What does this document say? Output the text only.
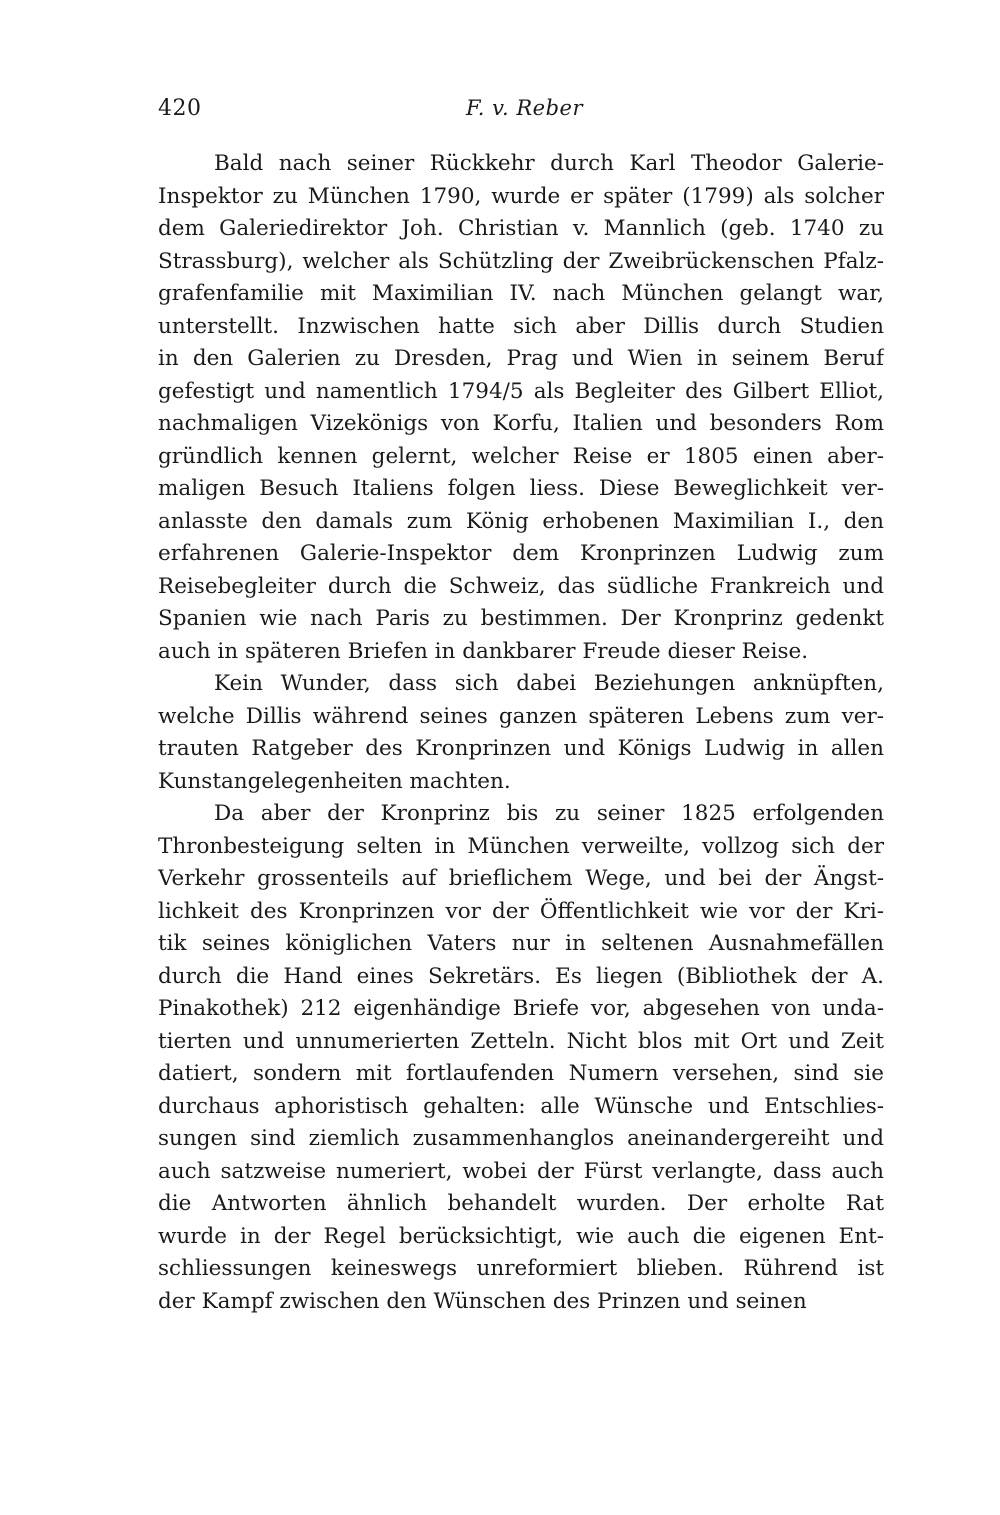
420	F. v. Reber
Bald nach seiner Rückkehr durch Karl Theodor Galerie-
Inspektor zu München 1790, wurde er später (1799) als solcher
dem Galeriedirektor Joh. Christian v. Mannlich (geb. 1740 zu
Strassburg), welcher als Schützling der Zweibrückenschen Pfalz-
grafenfamilie mit Maximilian IV. nach München gelangt war,
unterstellt. Inzwischen hatte sich aber Dillis durch Studien
in den Galerien zu Dresden, Prag und Wien in seinem Beruf
gefestigt und namentlich 1794/5 als Begleiter des Gilbert Elliot,
nachmaligen Vizekönigs von Korfu, Italien und besonders Rom
gründlich kennen gelernt, welcher Reise er 1805 einen aber-
maligen Besuch Italiens folgen liess. Diese Beweglichkeit ver-
anlasste den damals zum König erhobenen Maximilian I., den
erfahrenen Galerie-Inspektor dem Kronprinzen Ludwig zum
Reisebegleiter durch die Schweiz, das südliche Frankreich und
Spanien wie nach Paris zu bestimmen. Der Kronprinz gedenkt
auch in späteren Briefen in dankbarer Freude dieser Reise.
Kein Wunder, dass sich dabei Beziehungen anknüpften,
welche Dillis während seines ganzen späteren Lebens zum ver-
trauten Ratgeber des Kronprinzen und Königs Ludwig in allen
Kunstangelegenheiten machten.
Da aber der Kronprinz bis zu seiner 1825 erfolgenden
Thronbesteigung selten in München verweilte, vollzog sich der
Verkehr grossenteils auf brieflichem Wege, und bei der Ängst-
lichkeit des Kronprinzen vor der Öffentlichkeit wie vor der Kri-
tik seines königlichen Vaters nur in seltenen Ausnahmefällen
durch die Hand eines Sekretärs. Es liegen (Bibliothek der A.
Pinakothek) 212 eigenhändige Briefe vor, abgesehen von unda-
tierten und unnumerierten Zetteln. Nicht blos mit Ort und Zeit
datiert, sondern mit fortlaufenden Numern versehen, sind sie
durchaus aphoristisch gehalten: alle Wünsche und Entschlies-
sungen sind ziemlich zusammenhanglos aneinandergereiht und
auch satzweise numeriert, wobei der Fürst verlangte, dass auch
die Antworten ähnlich behandelt wurden. Der erholte Rat
wurde in der Regel berücksichtigt, wie auch die eigenen Ent-
schliessungen keineswegs unreformiert blieben. Rührend ist
der Kampf zwischen den Wünschen des Prinzen und seinen
